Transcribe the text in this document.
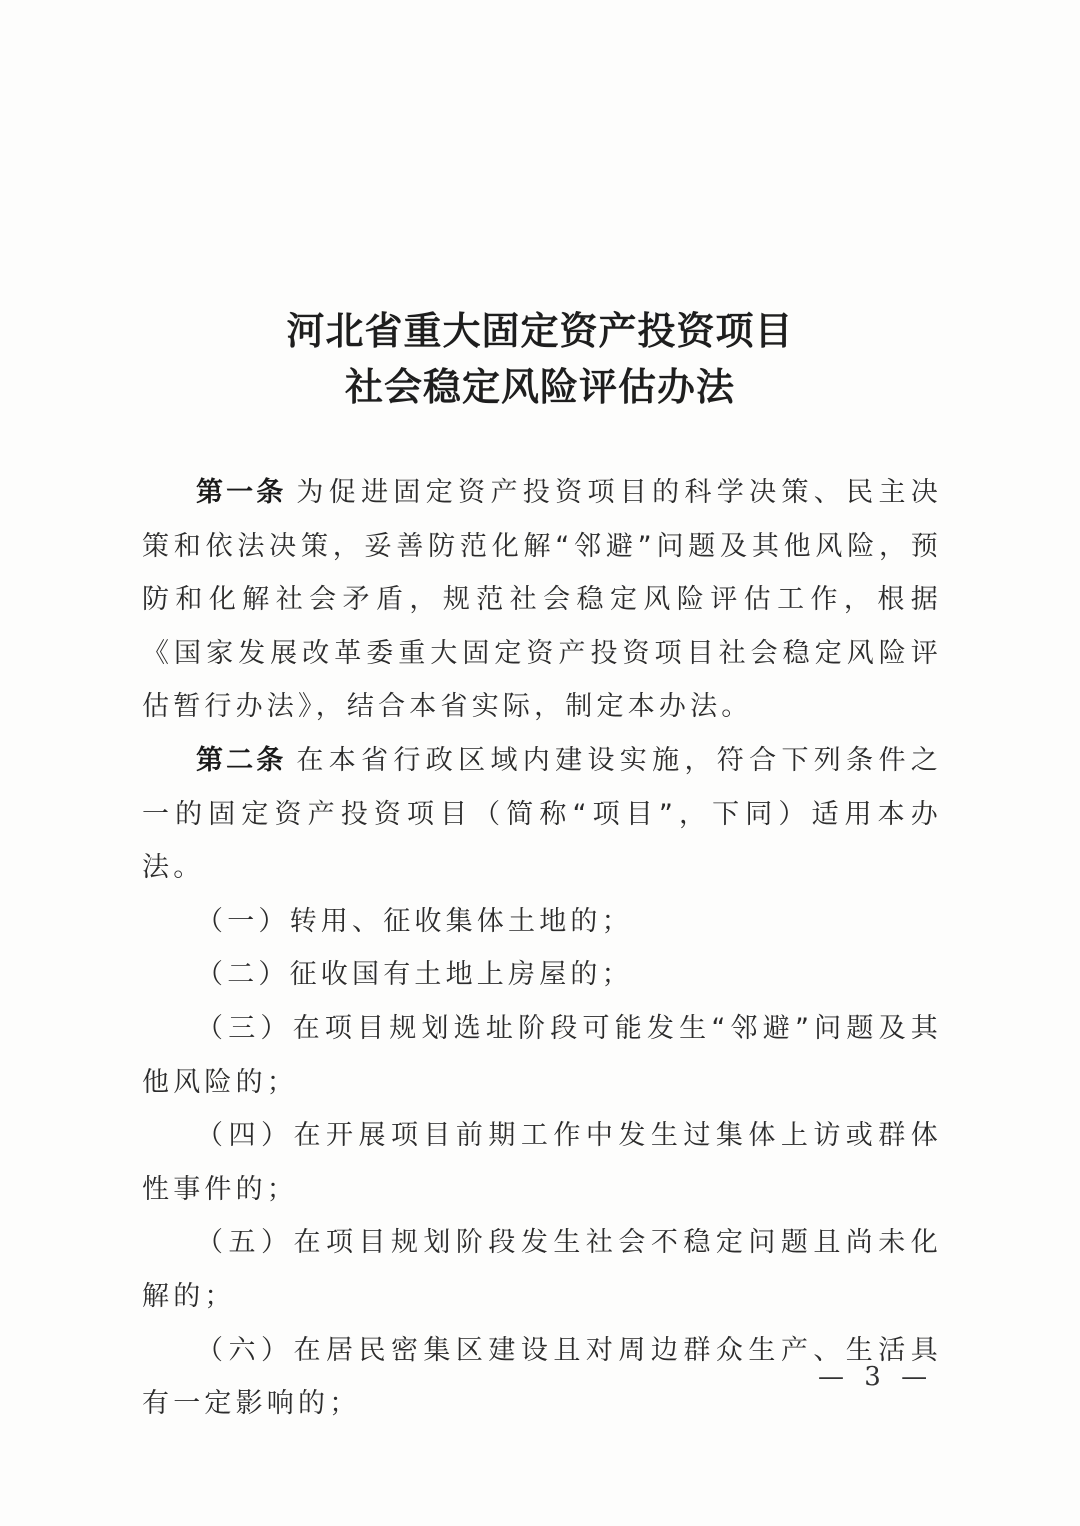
河北省重大固定资产投资项目
社会稳定风险评估办法

第一条 为促进固定资产投资项目的科学决策、民主决策和依法决策，妥善防范化解“邻避”问题及其他风险，预防和化解社会矛盾，规范社会稳定风险评估工作，根据《国家发展改革委重大固定资产投资项目社会稳定风险评估暂行办法》，结合本省实际，制定本办法。

第二条 在本省行政区域内建设实施，符合下列条件之一的固定资产投资项目（简称“项目”，下同）适用本办法。

（一）转用、征收集体土地的；

（二）征收国有土地上房屋的；

（三）在项目规划选址阶段可能发生“邻避”问题及其他风险的；

（四）在开展项目前期工作中发生过集体上访或群体性事件的；

（五）在项目规划阶段发生社会不稳定问题且尚未化解的；

（六）在居民密集区建设且对周边群众生产、生活具有一定影响的；

— 3 —
